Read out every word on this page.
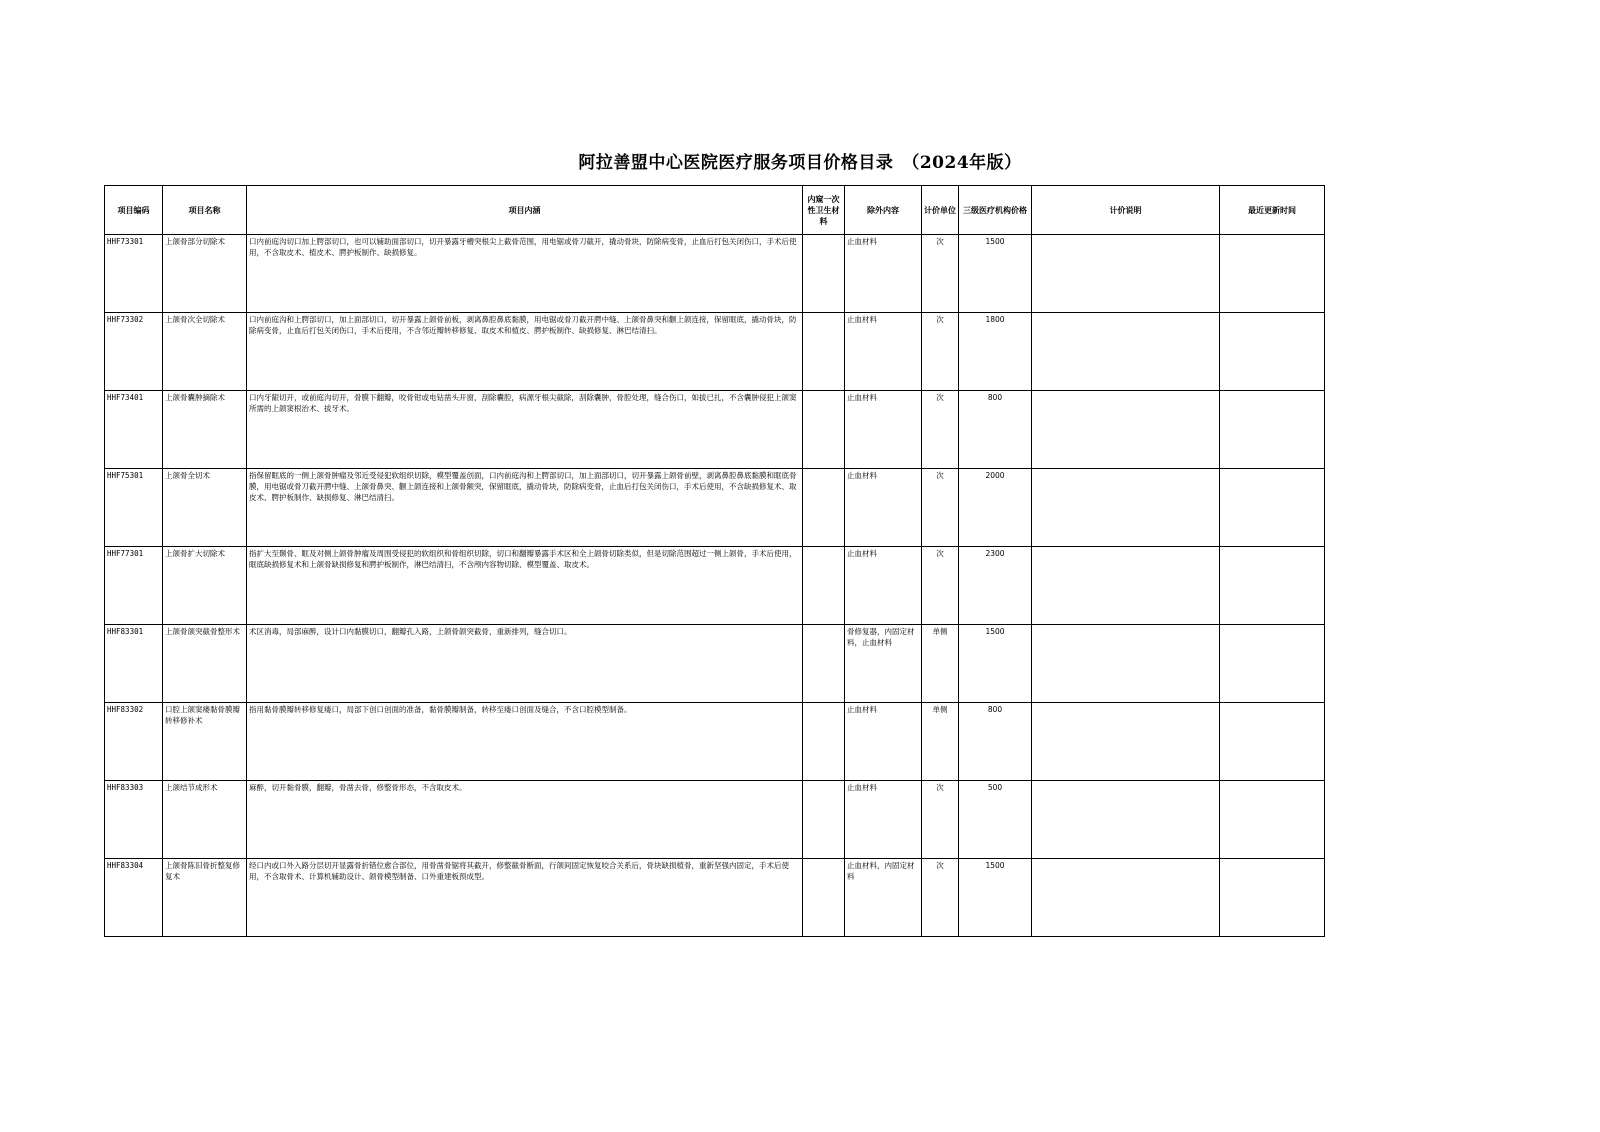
阿拉善盟中心医院医疗服务项目价格目录　（2024年版）
项目编码	项目名称	项目内涵	内窥一次性卫生材料	除外内容	计价单位	三级医疗机构价格	计价说明	最近更新时间
HHF73301	上颌骨部分切除术	口内前庭沟切口加上腭部切口，也可以辅助面部切口，切开暴露牙槽突根尖上截骨范围，用电锯或骨刀截开，撬动骨块，防除病变骨，止血后打包关闭伤口，手术后使用，不含取皮术、植皮术、腭护板制作、缺损修复。		止血材料	次	1500		
HHF73302	上颌骨次全切除术	口内前庭沟和上腭部切口，加上面部切口，切开暴露上颌骨前板，剥离鼻腔鼻底黏膜，用电锯或骨刀截开腭中缝、上颌骨鼻突和颧上颌连接，保留眶底，撬动骨块，防除病变骨，止血后打包关闭伤口，手术后使用，不含邻近瓣转移修复、取皮术和植皮、腭护板制作、缺损修复、淋巴结清扫。		止血材料	次	1800		
HHF73401	上颌骨囊肿摘除术	口内牙龈切开，或前庭沟切开，骨膜下翻瓣，咬骨钳或电钻凿头开窗，刮除囊腔，病源牙根尖截除，刮除囊肿，骨腔处理，缝合伤口，如拔已扎，不含囊肿侵犯上颌窦所需的上颌窦根治术、拔牙术。		止血材料	次	800		
HHF75301	上颌骨全切术	指保留眶底的一侧上颌骨肿瘤及邻近受侵犯软组织切除，模型覆盖创面，口内前庭沟和上腭部切口，加上面部切口，切开暴露上颌骨前壁，剥离鼻腔鼻底黏膜和眶底骨膜，用电锯或骨刀截开腭中缝、上颌骨鼻突、颧上颌连接和上颌骨额突，保留眶底，撬动骨块，防除病变骨，止血后打包关闭伤口，手术后使用，不含缺损修复术、取皮术、腭护板制作、缺损修复、淋巴结清扫。		止血材料	次	2000		
HHF77301	上颌骨扩大切除术	指扩大至颞骨、眶及对侧上颌骨肿瘤及周围受侵犯的软组织和骨组织切除，切口和翻瓣暴露手术区和全上颌骨切除类似，但是切除范围超过一侧上颌骨，手术后使用，眶底缺损修复术和上颌骨缺损修复和腭护板制作，淋巴结清扫，不含颅内容物切除、模型覆盖、取皮术。		止血材料	次	2300		
HHF83301	上颌骨颌突截骨整形术	术区消毒，局部麻醉，设计口内黏膜切口，翻瓣孔入路，上颌骨颌突截骨，重新排列，缝合切口。		骨修复器，内固定材料，止血材料	单侧	1500		
HHF83302	口腔上颌窦痿黏骨膜瓣转移修补术	指用黏骨膜瓣转移修复瘘口，局部下创口创面的准备，黏骨膜瓣制备，转移至瘘口创面及缝合，不含口腔模型制备。		止血材料	单侧	800		
HHF83303	上颌结节成形术	麻醉，切开黏骨膜，翻瓣，骨凿去骨，修整骨形态，不含取皮术。		止血材料	次	500		
HHF83304	上颌骨陈旧骨折整复修复术	经口内或口外入路分层切开显露骨折错位愈合部位，用骨凿骨锯将其截开，修整截骨断面，行颌间固定恢复咬合关系后，骨块缺损植骨，重新坚强内固定，手术后使用，不含取骨术、计算机辅助设计、颌骨模型制备、口外重建板预成型。		止血材料，内固定材料	次	1500		
